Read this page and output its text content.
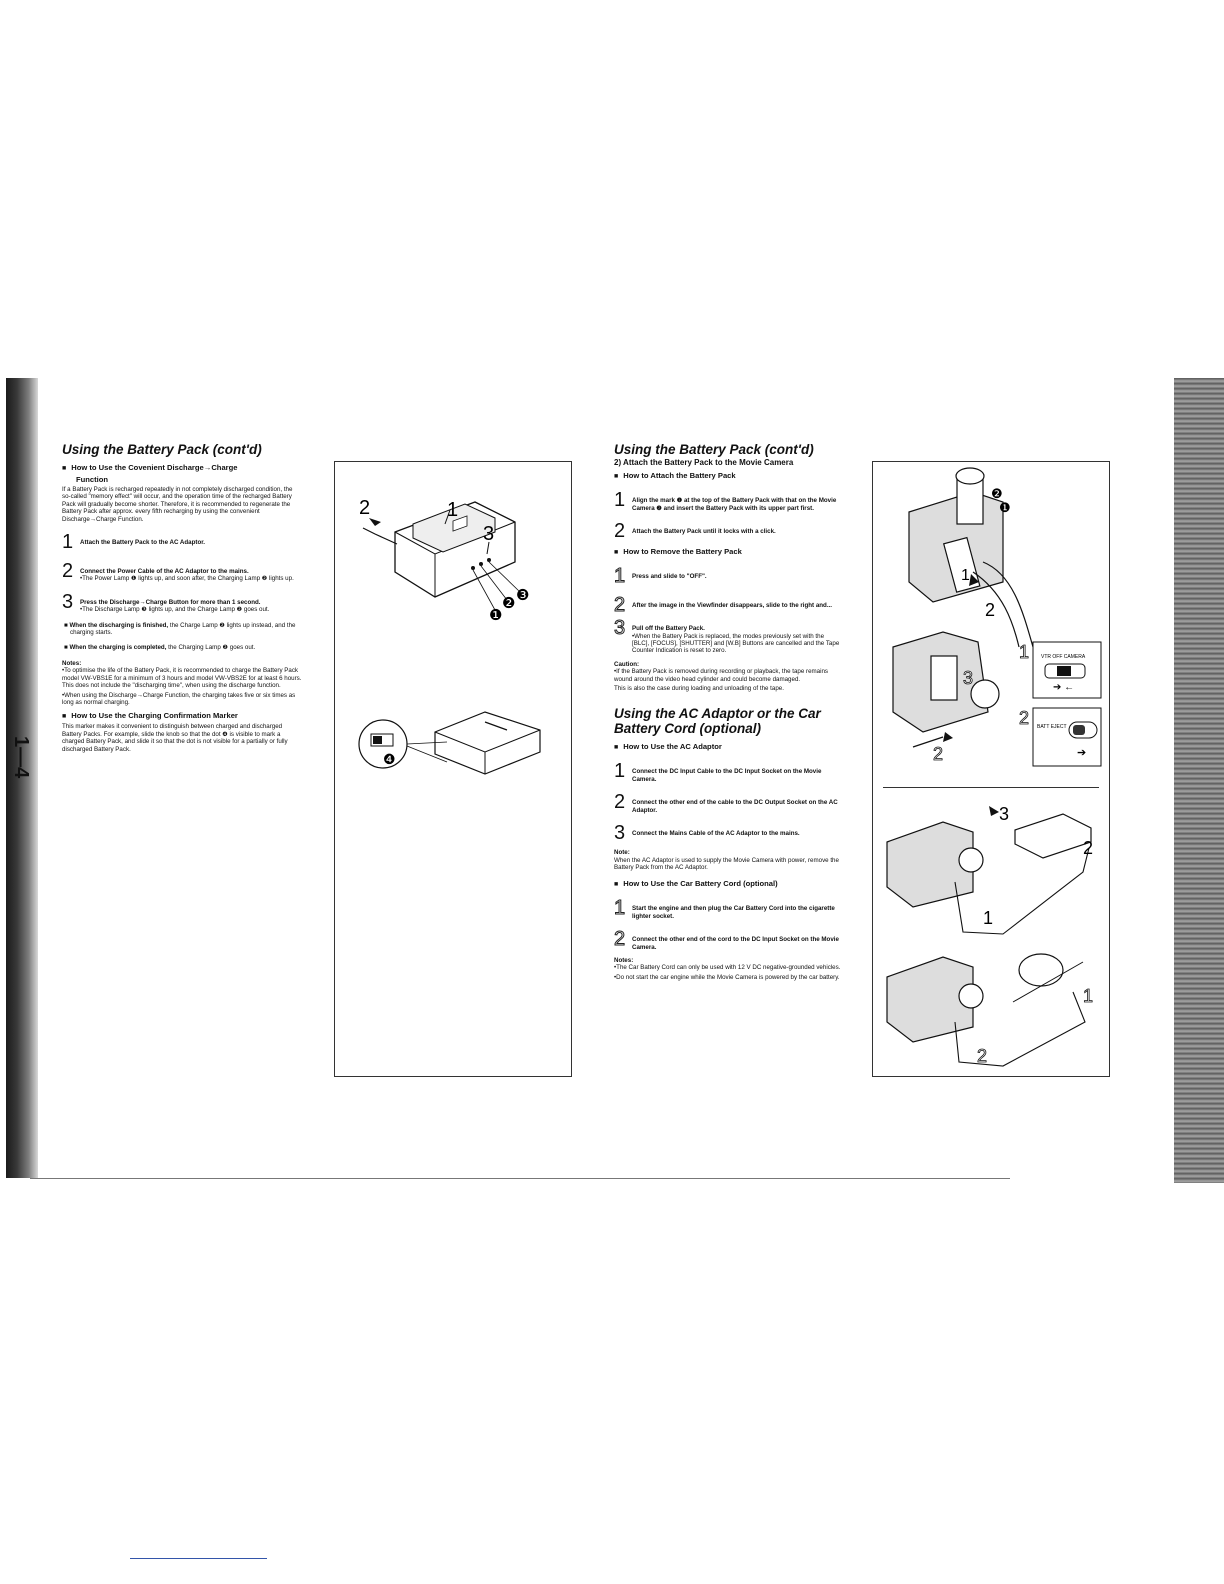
1—4
Using the Battery Pack (cont'd)
■ How to Use the Covenient Discharge→Charge
Function

If a Battery Pack is recharged repeatedly in not completely discharged condition, the so-called "memory effect" will occur, and the operation time of the recharged Battery Pack will gradually become shorter. Therefore, it is recommended to regenerate the Battery Pack after approx. every fifth recharging by using the convenient Discharge→Charge Function.

1	Attach the Battery Pack to the AC Adaptor.
2	Connect the Power Cable of the AC Adaptor to the mains.
•The Power Lamp ❶ lights up, and soon after, the Charging Lamp ❷ lights up.
3	Press the Discharge→Charge Button for more than 1 second.
•The Discharge Lamp ❸ lights up, and the Charge Lamp ❷ goes out.

■ When the discharging is finished, the Charge Lamp ❷ lights up instead, and the charging starts.

■ When the charging is completed, the Charging Lamp ❷ goes out.

Notes:

•To optimise the life of the Battery Pack, it is recommended to charge the Battery Pack model VW-VBS1E for a minimum of 3 hours and model VW-VBS2E for at least 6 hours. This does not include the "discharging time", when using the discharge function.

•When using the Discharge→Charge Function, the charging takes five or six times as long as normal charging.

■ How to Use the Charging Confirmation Marker

This marker makes it convenient to distinguish between charged and discharged Battery Packs. For example, slide the knob so that the dot ❹ is visible to mark a charged Battery Pack, and slide it so that the dot is not visible for a partially or fully discharged Battery Pack.

1
2
3
❶
❷ ❸
❹
Using the Battery Pack (cont'd)
2) Attach the Battery Pack to the Movie Camera
■ How to Attach the Battery Pack
1	Align the mark ❶ at the top of the Battery Pack with that on the Movie Camera ❷ and insert the Battery Pack with its upper part first.
2	Attach the Battery Pack until it locks with a click.
■ How to Remove the Battery Pack
1	Press and slide to "OFF".
2	After the image in the Viewfinder disappears, slide to the right and...
3	Pull off the Battery Pack.
•When the Battery Pack is replaced, the modes previously set with the [BLC], [FOCUS], [SHUTTER] and [W.B] Buttons are cancelled and the Tape Counter Indication is reset to zero.
Caution:

•If the Battery Pack is removed during recording or playback, the tape remains wound around the video head cylinder and could become damaged.

This is also the case during loading and unloading of the tape.

Using the AC Adaptor or the Car Battery Cord (optional)
■ How to Use the AC Adaptor
1	Connect the DC Input Cable to the DC Input Socket on the Movie Camera.
2	Connect the other end of the cable to the DC Output Socket on the AC Adaptor.
3	Connect the Mains Cable of the AC Adaptor to the mains.
Note:

When the AC Adaptor is used to supply the Movie Camera with power, remove the Battery Pack from the AC Adaptor.

■ How to Use the Car Battery Cord (optional)
1	Start the engine and then plug the Car Battery Cord into the cigarette lighter socket.
2	Connect the other end of the cord to the DC Input Socket on the Movie Camera.
Notes:

•The Car Battery Cord can only be used with 12 V DC negative-grounded vehicles.

•Do not start the car engine while the Movie Camera is powered by the car battery.

❷
❶
1
2
1
2
3
2
VTR OFF CAMERA
➔ ←
BATT EJECT
➔
3
2
1
1
2
